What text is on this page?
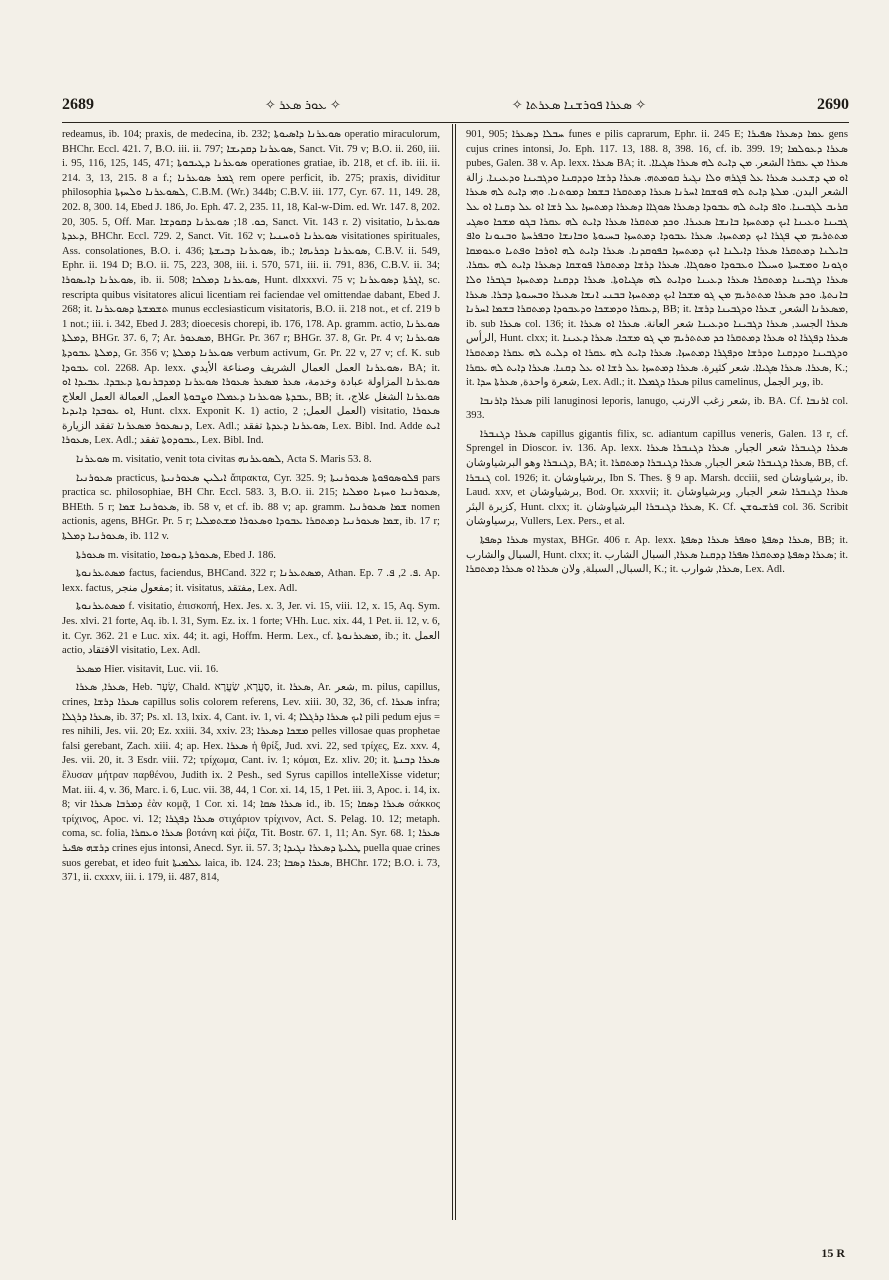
2689	✧ ܥܘܪ ܣܥܪ ✧	✧ ܣܥܪܐ ܦܘܪܫܢܐ ܣܥܪܬܐ ✧	2690

redeamus, ib. 104; praxis, de medecina, ib. 232; ܣܘܥܪܢܐ ܕܐܣܝܘܬܐ operatio miraculorum, BHChr. Eccl. 421. 7, B.O. iii. ii. 797; ܣܘܥܪܢܐ ܕܩܕܝܫܐ, Sanct. Vit. 79 v; B.O. ii. 260, iii. i. 95, 116, 125, 145, 471; ܣܘܥܪܢܐ ܕܛܝܒܘܬܐ operationes gratiae, ib. 218, et cf. ib. iii. ii. 214. 3, 13, 215. 8 a f.; ܓܡܪ ܣܘܥܪܢܐ rem opere perficit, ib. 275; praxis, dividitur philosophia ܠܣܘܥܪܢܐ ܘܠܚܙܬܐ, C.B.M. (Wr.) 344b; C.B.V. iii. 177, Cyr. 67. 11, 149. 28, 202. 8, 300. 14, Ebed J. 186, Jo. Eph. 47. 2, 235. 11, 18, Kal-w-Dim. ed. Wr. 147. 8, 202. 20, 305. 5, Off. Mar. ܟܘ. 18; ܣܘܥܪܢܐ ܕܩܘܕܫܐ, Sanct. Vit. 143 r. 2) visitatio, ܣܘܥܪܢܐ ܕܥܕܬܐ, BHChr. Eccl. 729. 2, Sanct. Vit. 162 v; ܣܘܥܪܢܐ ܪܘܚܢܝܐ visitationes spirituales, Ass. consolationes, B.O. i. 436; ܣܘܥܪܢܐ ܕܒܝܫܬܐ, ib.; ܣܘܥܪܢܐ ܕܟܪܝܗܐ, C.B.V. ii. 549, Ephr. ii. 194 D; B.O. ii. 75, 223, 308, iii. i. 570, 571, iii. ii. 791, 836, C.B.V. ii. 34; ܣܘܥܪܢܐ ܕܐܝܣܘܪܐ, ib. ii. 508; ܣܘܥܪܢܐ ܕܡܠܟܐ, Hunt. dlxxxvi. 75 v; ܐܓܪܬܐ ܕܣܘܥܪܢܐ, sc. rescripta quibus visitatores alicui licentiam rei faciendae vel omittendae dabant, Ebed J. 268; it. ܬܫܡܫܬܐ ܕܣܘܥܪܢܐ munus ecclesiasticum visitatoris, B.O. ii. 218 not., et cf. 219 b 1 not.; iii. i. 342, Ebed J. 283; dioecesis chorepi, ib. 176, 178. Ap. gramm. actio, ܣܘܥܪܢܐ ܕܡܠܬܐ, BHGr. 37. 6, 7; Ar. ܡܣܥܘܪ, BHGr. Pr. 367 r; BHGr. 37. 8, Gr. Pr. 4 v; ܣܘܥܪܢܐ ܕܡܠܬܐ ܥܒܘܕܬܐ, Gr. 356 v; ܣܘܥܪܢܐ ܕܡܠܬܐ verbum activum, Gr. Pr. 22 v, 27 v; cf. K. sub ܥܒܘܕܐ col. 2268. Ap. lexx. ܣܘܥܪܢܐ العمل العمال الشريف وصناعة الأيدي، BA; it. ܣܘܥܪܢܐ المزاولة عبادة وخدمة، ܣܥܪ ܡܣܥܪ ܣܥܘܪܐ ܣܘܥܪܢܐ ܕܡܕܒܪܢܘܬܐ ܕܥܒܕܐ. ܥܒܝܕܐ ܐܘ ܥܒܕܬܐ ܣܘܥܪܢܐ ܕܥܡܠܐ ܘܨܒܘܬܐ العمل, العمالة العمل العلاج, BB; it. ܣܘܥܪܢܐ الشغل علاج، ܐܘ ܥܘܒܕܐ ܕܐܝܕܝܐ, Hunt. clxx. Exponit K. 1) actio, العمل العمل; 2) visitatio, ܣܥܘܪܐ ܕܢܣܥܘܪ ܡܣܥܪܢܐ تفقد الزيارة, Lex. Adl.; ܣܘܥܪܢܐ ܕܥܕܬܐ تفقد, Lex. Bibl. Ind. Adde ܐܝܬ ܣܥܘܪܐ, Lex. Adl.; ܥܒܘܕܘܬܐ تفقد, Lex. Bibl. Ind.

ܣܘܥܪܢܐ m. visitatio, venit tota civitas ܠܣܘܥܪܢܗ, Acta S. Maris 53. 8.

ܣܥܘܪܢܝܐ practicus, ܐܝܠܝܢ ܣܥܘܪܢܝܬܐ ἄπρακτα, Cyr. 325. 9; ܦܠܘܣܘܦܘܬܐ ܣܥܘܪܢܝܬܐ pars practica sc. philosophiae, BH Chr. Eccl. 583. 3, B.O. ii. 215; ܣܥܘܪܢܝܐ ܘܚܙܝܐ ܘܡܠܝܐ, BHEth. 5 r; ܣܥܘܪܢܝܐ ܫܡܐ, ib. 58 v, et cf. ib. 88 v; ap. gramm. ܫܡܐ ܣܥܘܪܢܝܐ nomen actionis, agens, BHGr. Pr. 5 r; ܫܡܐ ܣܥܘܪܢܝܐ ܕܡܬܩܪܐ ܥܒܘܕܐ ܘܣܥܘܪܐ ܡܫܬܡܠܝܐ, ib. 17 r; ܣܥܘܪܢܝܐ ܕܡܠܬܐ, ib. 112 v.

ܣܥܘܪܬܐ m. visitatio, ܣܥܘܪܬܐ ܕܝܘܡܐ, Ebed J. 186.

ܡܣܬܥܪܢܘܬܐ factus, faciendus, BHCand. 322 r; ܡܣܬܥܪܢܐ, Athan. Ep. ܦ. 2, ܦ. 7. Ap. lexx. factus, مفعول منجر; it. visitatus, مفتقد, Lex. Adl.

ܡܣܬܥܪܢܘܬܐ f. visitatio, ἐπισκοπή, Hex. Jes. x. 3, Jer. vi. 15, viii. 12, x. 15, Aq. Sym. Jes. xlvi. 21 forte, Aq. ib. l. 31, Sym. Ez. ix. 1 forte; VHh. Luc. xix. 44, 1 Pet. ii. 12, v. 6, it. Cyr. 362. 21 e Luc. xix. 44; it. agi, Hoffm. Herm. Lex., cf. ܡܣܥܪܢܘܬܐ, ib.; it. العمل actio, الافتقاد visitatio, Lex. Adl.

ܡܣܥܪ Hier. visitavit, Luc. vii. 16.

ܣܥܪܐ, ܣܥܪܐ, Heb. שֵׂעָר, Chald. סַעֲרָא, שַׂעֲרָא, it. ܣܥܪܐ, Ar. شعر, m. pilus, capillus, crines, ܣܥܪܐ ܕܪܫܐ capillus solis colorem referens, Lev. xiii. 30, 32, 36, cf. ܣܥܪܐ infra; ܣܥܪܐ ܕܪܓܠܐ, ib. 37; Ps. xl. 13, lxix. 4, Cant. iv. 1, vi. 4; ܐܝܟ ܣܥܪܐ ܕܪܓܠܐ pili pedum ejus = res nihili, Jes. vii. 20; Ez. xxiii. 34, xxiv. 23; ܡܫܟܐ ܕܣܥܪܐ pelles villosae quas prophetae falsi gerebant, Zach. xiii. 4; ap. Hex. ܣܥܪܐ ἡ θρίξ, Jud. xvi. 22, sed τρίχες, Ez. xxv. 4, Jes. vii. 20, it. 3 Esdr. viii. 72; τρίχωμα, Cant. iv. 1; κόμαι, Ez. xliv. 20; it. ܣܥܪܐ ܕܒܢܬܐ ἔλυσαν μήτραν παρθένου, Judith ix. 2 Pesh., sed Syrus capillos intelleXisse videtur; Mat. iii. 4, v. 36, Marc. i. 6, Luc. vii. 38, 44, 1 Cor. xi. 14, 15, 1 Pet. iii. 3, Apoc. i. 14, ix. 8; vir ܕܡܪܒܐ ܣܥܪܐ ἐὰν κομᾷ, 1 Cor. xi. 14; ܣܥܪܐ ܣܩܐ id., ib. 15; ܣܥܪܐ ܕܣܩܐ σάκκος τρίχινος, Apoc. vi. 12; ܣܥܪܐ ܕܦܓܪܐ στιχάριον τρίχινον, Act. S. Pelag. 10. 12; metaph. coma, sc. folia, ܣܥܪܐ ܘܥܩܪܐ βοτάνη καὶ ῥίζα, Tit. Bostr. 67. 1, 11; An. Syr. 68. 1; ܣܥܪܐ ܕܪܫܗ ܣܦܝܪ crines ejus intonsi, Anecd. Syr. ii. 57. 3; ܛܠܝܬܐ ܕܣܥܪܐ ܢܓܝܕܐ puella quae crines suos gerebat, et ideo fuit ܥܠܡܝܬܐ laica, ib. 124. 23; ܣܥܪܐ ܕܣܒܐ, BHChr. 172; B.O. i. 73, 371, ii. cxxxv, iii. i. 179, ii. 487, 814,

901, 905; ܚܒܠܐ ܕܣܥܪܐ funes e pilis caprarum, Ephr. ii. 245 E; ܥܡܐ ܕܣܥܪܐ ܣܦܝܪܐ gens cujus crines intonsi, Jo. Eph. 117. 13, 188. 8, 398. 16, cf. ib. 399. 19; ܣܥܪܐ ܕܥܘܠܡܐ pubes, Galen. 38 v. Ap. lexx. ܣܥܪܐ BA; it. ܣܥܪܐ ܡܢ ܥܩܪܐ الشعر. ܡܢ ܕܐܝܬ ܠܗ ܣܥܪܐ ܣܓܝܐܐ. ܐܘ ܡܢ ܕܫܥܝܥ ܣܥܪܐ ܥܠ ܦܓܪܗ ܘܠܐ ܢܓܝܪ ܩܘܡܬܗ. ܣܥܪܐ ܕܪܫܐ ܘܕܕܩܢܐ ܘܕܓܒܝܢܐ ܘܕܥܝܢܐ. زالة الشعر البدن. ܡܠܬܐ ܕܐܝܬ ܠܗ ܦܘܫܩܐ ܐܚܪܢܐ ܣܥܪܐ ܕܡܬܩܪܐ ܒܫܡܐ ܕܡܘܬܢܐ. ܘܗܝ ܕܐܝܬ ܠܗ ܣܥܪܐ ܩܪܝܒ ܠܓܒܝܢܐ. ܘܐܦ ܕܐܝܬ ܠܗ ܥܒܘܕܐ ܕܣܥܪܐ ܣܘܓܐܐ ܕܣܥܪܐ ܕܡܬܚܙܐ ܥܠ ܪܫܐ ܐܘ ܥܠ ܕܩܢܐ ܐܘ ܥܠ ܓܒܝܢܐ ܘܥܝܢܐ ܐܝܟ ܕܡܬܚܙܐ ܒܐܢܫܐ ܣܥܝܪܐ. ܘܟܕ ܡܬܩܪܐ ܣܥܪܐ ܕܐܝܬ ܠܗ ܥܩܪܐ ܒܓܘ ܡܫܟܐ ܘܣܓܝ ܡܬܬܪܝܡ ܡܢ ܦܓܪܐ ܐܝܟ ܕܡܬܚܙܐ. ܣܥܪܐ ܥܒܘܕܐ ܕܡܬܚܙܐ ܒܚܝܘܬܐ ܘܒܐܢܫܐ ܘܒܦܪܚܬܐ ܘܒܢܘܢܐ ܘܐܦ ܒܐܝܠܢܐ ܕܡܬܩܪܐ ܣܥܪܐ ܕܐܝܠܢܐ ܐܝܟ ܕܡܬܚܙܐ ܒܦܘܩܕܢܐ. ܣܥܪܐ ܕܐܝܬ ܠܗ ܐܘܪܟܐ ܘܦܬܝܐ ܘܥܘܡܩܐ ܘܓܘܢܐ ܘܡܫܚܬܐ ܘܚܝܠܐ ܘܥܒܘܕܐ ܘܣܘܓܐܐ. ܣܥܪܐ ܕܪܫܐ ܕܡܬܩܪܐ ܦܘܫܩܐ ܕܣܥܪܐ ܕܐܝܬ ܠܗ ܥܩܪܐ. ܣܥܪܐ ܕܓܒܝܢܐ ܕܡܬܩܪܐ ܣܥܪܐ ܕܥܝܢܐ ܘܕܐܝܬ ܠܗ ܣܓܝܐܘܬܐ. ܣܥܪܐ ܕܕܩܢܐ ܕܡܬܚܙܐ ܒܓܒܪܐ ܘܠܐ ܒܐܢܬܬܐ. ܘܟܕ ܣܥܪܐ ܡܬܬܪܝܡ ܡܢ ܓܘ ܡܫܟܐ ܐܝܟ ܕܡܬܚܙܐ ܒܒܢܝ ܐܢܫܐ ܣܥܝܪܐ ܘܒܚܝܘܬܐ ܕܒܪܐ. ܣܥܪܐ ܕܥܩܪܐ ܘܕܡܫܟܐ ܘܕܥܒܘܕܐ ܕܡܬܩܪܐ ܒܫܡܐ ܐܚܪܢܐ, BB; it. ܡܣܥܪܢܐ الشعر, ܫܥܪܐ ܘܕܓܒܝܢܐ ܕܪܫܐ, ib. sub ܣܥܪܐ col. 136; it. ܣܥܪܐ الجسد, ܣܥܪܐ ܕܓܒܝܢܐ ܘܕܥܝܢܐ شعر العانة. ܣܥܪܐ ܐܘ ܣܥܪܐ الرأس, Hunt. clxx; it. ܣܥܪܐ ܕܦܓܪܐ ܐܘ ܣܥܪܐ ܕܡܬܩܪܐ ܟܕ ܡܬܬܪܝܡ ܡܢ ܓܘ ܡܫܟܐ. ܣܥܪܐ ܕܥܝܢܐ ܘܕܓܒܝܢܐ ܘܕܕܩܢܐ ܘܕܪܫܐ ܘܕܦܓܪܐ ܕܡܬܚܙܐ. ܣܥܪܐ ܕܐܝܬ ܠܗ ܥܩܪܐ ܐܘ ܕܠܝܬ ܠܗ ܥܩܪܐ ܕܡܬܩܪܐ ܣܥܪܐ. ܣܥܪܐ ܣܓܝܐܐ. شعر كثيرة. ܣܥܪܐ ܕܡܬܚܙܐ ܥܠ ܪܫܐ ܐܘ ܥܠ ܕܩܢܐ. ܣܥܪܐ ܕܐܝܬ ܠܗ ܥܩܪܐ, K.; it. شعرة واحدة, ܣܥܪܬܐ ܚܕܐ, Lex. Adl.; it. ܣܥܪܐ ܕܓܡܠܐ pilus camelinus, وبر الجمل, ib.

ܣܥܪܐ ܕܐܪܢܒܐ pili lanuginosi leporis, lanugo, شعر زغب الارنب, ib. BA. Cf. ܐܪܢܒܐ col. 393.

ܣܥܪܐ ܕܓܢܒܪܐ capillus gigantis filix, sc. adiantum capillus veneris, Galen. 13 r, cf. Sprengel in Dioscor. iv. 136. Ap. lexx. ܣܥܪܐ ܕܓܢܒܪܐ شعر الجبار, ܣܥܪܐ ܕܓܢܒܪܐ ܣܥܪܐ ܕܓܢܒܪܐ وهو البرشياوشان, BA; it. ܣܥܪܐ ܕܓܢܒܪܐ شعر الجبار, ܣܥܪܐ ܕܓܢܒܪܐ ܕܡܬܩܪܐ, BB, cf. ܓܢܒܪܐ col. 1926; it. برشياوشان, Ibn S. Thes. § 9 ap. Marsh. dcciii, sed برشياوشان, ib. Laud. xxv, et برشياوشان, Bod. Or. xxxvii; it. ܣܥܪܐ ܕܓܢܒܪܐ شعر الجبار, وبرشياوشان كزبرة البئر, Hunt. clxx; it. ܣܥܪܐ ܕܓܢܒܪܐ البرشياوشان, K. Cf. ܦܪܫܝܘܫܢ col. 36. Scribit برسياوشان, Vullers, Lex. Pers., et al.

ܣܥܪܐ ܕܣܦܬܐ mystax, BHGr. 406 r. Ap. lexx. ܣܥܪܐ ܕܣܦܬܐ ܘܣܦܪ ܣܥܪܐ ܕܣܦܬܐ, BB; it. السبال والشارب, Hunt. clxx; it. ܣܥܪܐ ܕܣܦܬܐ ܕܡܬܩܪܐ ܣܦܪܐ ܕܕܩܢܐ ܣܥܪܐ, السبال الشارب; it. السبال, السبلة, ولان ܣܥܪܐ ܐܘ ܣܥܪܐ ܕܡܬܩܪܐ, K.; it. ܣܥܪܐ, شوارب, Lex. Adl.

15 R
